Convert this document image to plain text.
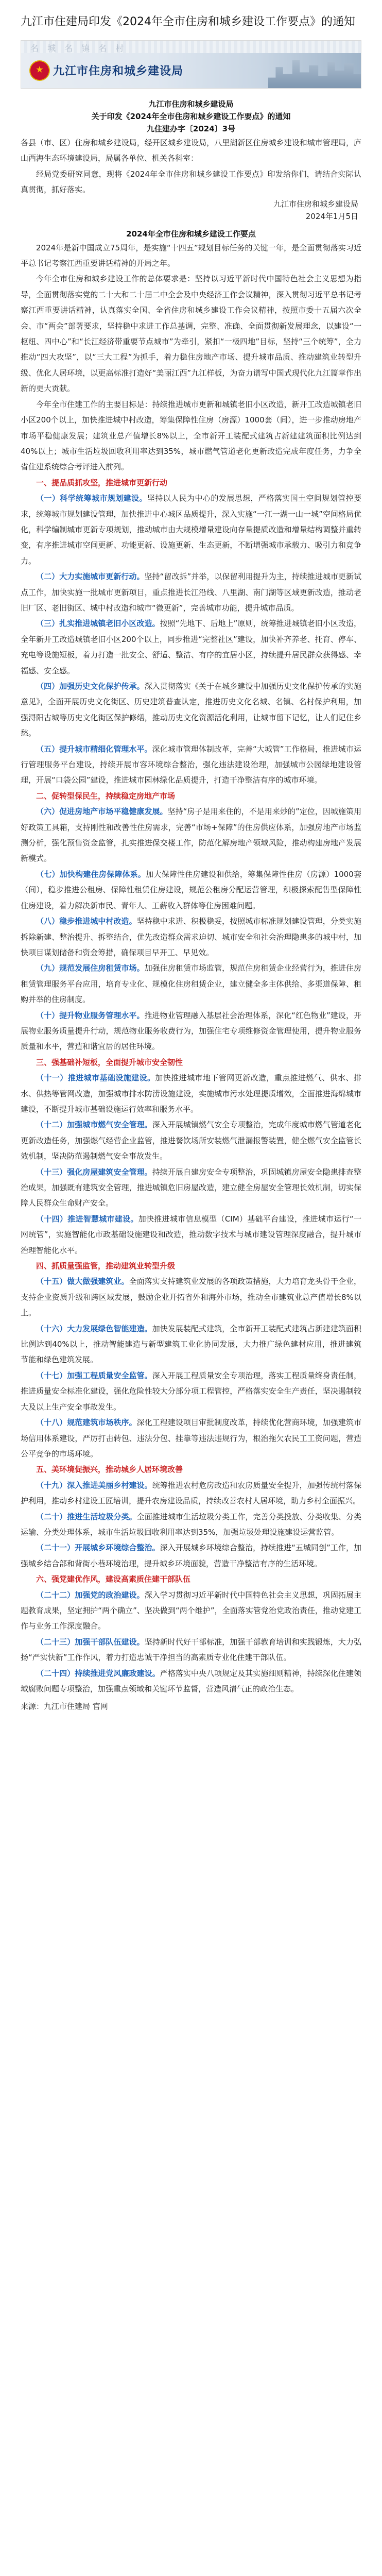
九江市住建局印发《2024年全市住房和城乡建设工作要点》的通知
名 城 名 镇 名 村
九江市住房和城乡建设局
九江市住房和城乡建设局
关于印发《2024年全市住房和城乡建设工作要点》的通知
九住建办字〔2024〕3号

各县（市、区）住房和城乡建设局，经开区城乡建设局，八里湖新区住房城乡建设和城市管理局，庐山西海生态环境建设局，局属各单位、机关各科室：

经局党委研究同意，现将《2024年全市住房和城乡建设工作要点》印发给你们，请结合实际认真贯彻，抓好落实。

九江市住房和城乡建设局
2024年1月5日
2024年全市住房和城乡建设工作要点

2024年是新中国成立75周年，是实施“十四五”规划目标任务的关键一年，是全面贯彻落实习近平总书记考察江西重要讲话精神的开局之年。

今年全市住房和城乡建设工作的总体要求是：坚持以习近平新时代中国特色社会主义思想为指导，全面贯彻落实党的二十大和二十届二中全会及中央经济工作会议精神，深入贯彻习近平总书记考察江西重要讲话精神，认真落实全国、全省住房和城乡建设工作会议精神，按照市委十五届六次全会、市“两会”部署要求，坚持稳中求进工作总基调，完整、准确、全面贯彻新发展理念，以建设“一枢纽、四中心”和“长江经济带重要节点城市”为牵引，紧扣“一极四地”目标，坚持“三个统筹”，全力推动“四大攻坚”，以“三大工程”为抓手，着力稳住房地产市场、提升城市品质、推动建筑业转型升级、优化人居环境，以更高标准打造好“美丽江西”九江样板，为奋力谱写中国式现代化九江篇章作出新的更大贡献。

今年全市住建工作的主要目标是：持续推进城市更新和城镇老旧小区改造，新开工改造城镇老旧小区200个以上，加快推进城中村改造，筹集保障性住房（房源）1000套（间），进一步推动房地产市场平稳健康发展；建筑业总产值增长8%以上，全市新开工装配式建筑占新建建筑面积比例达到40%以上；城市生活垃圾回收利用率达到35%，城市燃气管道老化更新改造完成年度任务，力争全省住建系统综合考评进入前列。

一、提品质抓攻坚，推进城市更新行动

（一）科学统筹城市规划建设。坚持以人民为中心的发展思想，严格落实国土空间规划管控要求，统筹城市规划建设管理，加快推进中心城区品质提升，深入实施“一江一湖一山一城”空间格局优化，科学编制城市更新专项规划，推动城市由大规模增量建设向存量提质改造和增量结构调整并重转变，有序推进城市空间更新、功能更新、设施更新、生态更新，不断增强城市承载力、吸引力和竞争力。

（二）大力实施城市更新行动。坚持“留改拆”并举，以保留利用提升为主，持续推进城市更新试点工作，加快实施一批城市更新项目，重点推进长江沿线、八里湖、南门湖等区域更新改造，推动老旧厂区、老旧街区、城中村改造和城市“微更新”，完善城市功能，提升城市品质。

（三）扎实推进城镇老旧小区改造。按照“先地下、后地上”原则，统筹推进城镇老旧小区改造，全年新开工改造城镇老旧小区200个以上，同步推进“完整社区”建设，加快补齐养老、托育、停车、充电等设施短板，着力打造一批安全、舒适、整洁、有序的宜居小区，持续提升居民群众获得感、幸福感、安全感。

（四）加强历史文化保护传承。深入贯彻落实《关于在城乡建设中加强历史文化保护传承的实施意见》，全面开展历史文化街区、历史建筑普查认定，推进历史文化名城、名镇、名村保护利用，加强浔阳古城等历史文化街区保护修缮，推动历史文化资源活化利用，让城市留下记忆，让人们记住乡愁。

（五）提升城市精细化管理水平。深化城市管理体制改革，完善“大城管”工作格局，推进城市运行管理服务平台建设，持续开展市容环境综合整治，强化违法建设治理，加强城市公园绿地建设管理，开展“口袋公园”建设，推进城市园林绿化品质提升，打造干净整洁有序的城市环境。

二、促转型保民生，持续稳定房地产市场

（六）促进房地产市场平稳健康发展。坚持“房子是用来住的，不是用来炒的”定位，因城施策用好政策工具箱，支持刚性和改善性住房需求，完善“市场+保障”的住房供应体系，加强房地产市场监测分析，强化预售资金监管，扎实推进保交楼工作，防范化解房地产领域风险，推动构建房地产发展新模式。

（七）加快构建住房保障体系。加大保障性住房建设和供给，筹集保障性住房（房源）1000套（间），稳步推进公租房、保障性租赁住房建设，规范公租房分配运营管理，积极探索配售型保障性住房建设，着力解决新市民、青年人、工薪收入群体等住房困难问题。

（八）稳步推进城中村改造。坚持稳中求进、积极稳妥，按照城市标准规划建设管理，分类实施拆除新建、整治提升、拆整结合，优先改造群众需求迫切、城市安全和社会治理隐患多的城中村，加快项目谋划储备和资金筹措，确保项目早开工、早见效。

（九）规范发展住房租赁市场。加强住房租赁市场监管，规范住房租赁企业经营行为，推进住房租赁管理服务平台应用，培育专业化、规模化住房租赁企业，建立健全多主体供给、多渠道保障、租购并举的住房制度。

（十）提升物业服务管理水平。推进物业管理融入基层社会治理体系，深化“红色物业”建设，开展物业服务质量提升行动，规范物业服务收费行为，加强住宅专项维修资金管理使用，提升物业服务质量和水平，营造和谐宜居的居住环境。

三、强基础补短板，全面提升城市安全韧性

（十一）推进城市基础设施建设。加快推进城市地下管网更新改造，重点推进燃气、供水、排水、供热等管网改造，加强城市排水防涝设施建设，实施城市污水处理提质增效，全面推进海绵城市建设，不断提升城市基础设施运行效率和服务水平。

（十二）加强城市燃气安全管理。深入开展城镇燃气安全专项整治，完成年度城市燃气管道老化更新改造任务，加强燃气经营企业监管，推进餐饮场所安装燃气泄漏报警装置，健全燃气安全监管长效机制，坚决防范遏制燃气安全事故发生。

（十三）强化房屋建筑安全管理。持续开展自建房安全专项整治，巩固城镇房屋安全隐患排查整治成果，加强既有建筑安全管理，推进城镇危旧房屋改造，建立健全房屋安全管理长效机制，切实保障人民群众生命财产安全。

（十四）推进智慧城市建设。加快推进城市信息模型（CIM）基础平台建设，推进城市运行“一网统管”，实施智能化市政基础设施建设和改造，推动数字技术与城市建设管理深度融合，提升城市治理智能化水平。

四、抓质量强监管，推动建筑业转型升级

（十五）做大做强建筑业。全面落实支持建筑业发展的各项政策措施，大力培育龙头骨干企业，支持企业资质升级和跨区域发展，鼓励企业开拓省外和海外市场，推动全市建筑业总产值增长8%以上。

（十六）大力发展绿色智能建造。加快发展装配式建筑，全市新开工装配式建筑占新建建筑面积比例达到40%以上，推动智能建造与新型建筑工业化协同发展，大力推广绿色建材应用，推进建筑节能和绿色建筑发展。

（十七）加强工程质量安全监管。深入开展工程质量安全专项治理，落实工程质量终身责任制，推进质量安全标准化建设，强化危险性较大分部分项工程管控，严格落实安全生产责任，坚决遏制较大及以上生产安全事故发生。

（十八）规范建筑市场秩序。深化工程建设项目审批制度改革，持续优化营商环境，加强建筑市场信用体系建设，严厉打击转包、违法分包、挂靠等违法违规行为，根治拖欠农民工工资问题，营造公平竞争的市场环境。

五、美环境促振兴，推动城乡人居环境改善

（十九）深入推进美丽乡村建设。统筹推进农村危房改造和农房质量安全提升，加强传统村落保护利用，推动乡村建设工匠培训，提升农房建设品质，持续改善农村人居环境，助力乡村全面振兴。

（二十）推进生活垃圾分类。全面推进城市生活垃圾分类工作，完善分类投放、分类收集、分类运输、分类处理体系，城市生活垃圾回收利用率达到35%，加强垃圾处理设施建设运营监管。

（二十一）开展城乡环境综合整治。深入开展城乡环境综合整治，持续推进“五城同创”工作，加强城乡结合部和背街小巷环境治理，提升城乡环境面貌，营造干净整洁有序的生活环境。

六、强党建优作风，建设高素质住建干部队伍

（二十二）加强党的政治建设。深入学习贯彻习近平新时代中国特色社会主义思想，巩固拓展主题教育成果，坚定拥护“两个确立”、坚决做到“两个维护”，全面落实管党治党政治责任，推动党建工作与业务工作深度融合。

（二十三）加强干部队伍建设。坚持新时代好干部标准，加强干部教育培训和实践锻炼，大力弘扬“严实快新”工作作风，着力打造忠诚干净担当的高素质专业化住建干部队伍。

（二十四）持续推进党风廉政建设。严格落实中央八项规定及其实施细则精神，持续深化住建领域腐败问题专项整治，加强重点领域和关键环节监督，营造风清气正的政治生态。

来源：九江市住建局 官网
